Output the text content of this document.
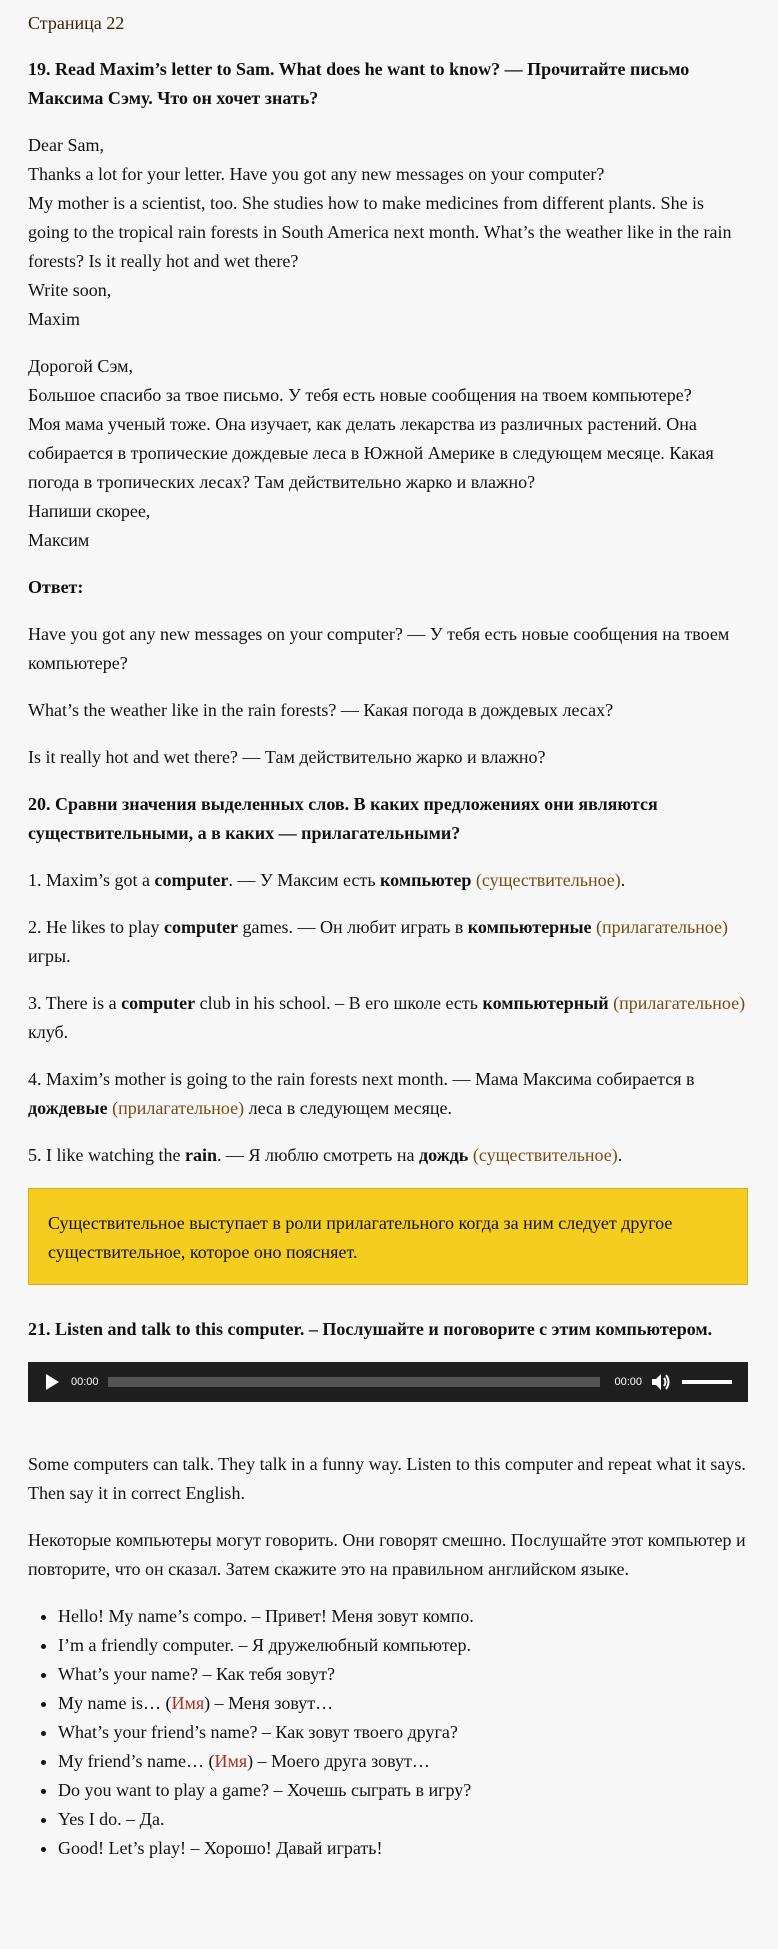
Страница 22

19. Read Maxim’s letter to Sam. What does he want to know? — Прочитайте письмо Максима Сэму. Что он хочет знать?

Dear Sam,
Thanks a lot for your letter. Have you got any new messages on your computer?
My mother is a scientist, too. She studies how to make medicines from different plants. She is going to the tropical rain forests in South America next month. What’s the weather like in the rain forests? Is it really hot and wet there?
Write soon,
Maxim

Дорогой Сэм,
Большое спасибо за твое письмо. У тебя есть новые сообщения на твоем компьютере?
Моя мама ученый тоже. Она изучает, как делать лекарства из различных растений. Она собирается в тропические дождевые леса в Южной Америке в следующем месяце. Какая погода в тропических лесах? Там действительно жарко и влажно?
Напиши скорее,
Максим

Ответ:

Have you got any new messages on your computer? — У тебя есть новые сообщения на твоем компьютере?

What’s the weather like in the rain forests? — Какая погода в дождевых лесах?

Is it really hot and wet there? — Там действительно жарко и влажно?

20. Сравни значения выделенных слов. В каких предложениях они являются существительными, а в каких — прилагательными?

1. Maxim’s got a computer. — У Максим есть компьютер (существительное).

2. He likes to play computer games. — Он любит играть в компьютерные (прилагательное) игры.

3. There is a computer club in his school. – В его школе есть компьютерный (прилагательное) клуб.

4. Maxim’s mother is going to the rain forests next month. — Мама Максима собирается в дождевые (прилагательное) леса в следующем месяце.

5. I like watching the rain. — Я люблю смотреть на дождь (существительное).

Существительное выступает в роли прилагательного когда за ним следует другое существительное, которое оно поясняет.

21. Listen and talk to this computer. – Послушайте и поговорите с этим компьютером.

00:00	00:00

Some computers can talk. They talk in a funny way. Listen to this computer and repeat what it says. Then say it in correct English.

Некоторые компьютеры могут говорить. Они говорят смешно. Послушайте этот компьютер и повторите, что он сказал. Затем скажите это на правильном английском языке.

• Hello! My name’s compo. – Привет! Меня зовут компо.
• I’m a friendly computer. – Я дружелюбный компьютер.
• What’s your name? – Как тебя зовут?
• My name is… (Имя) – Меня зовут…
• What’s your friend’s name? – Как зовут твоего друга?
• My friend’s name… (Имя) – Моего друга зовут…
• Do you want to play a game? – Хочешь сыграть в игру?
• Yes I do. – Да.
• Good! Let’s play! – Хорошо! Давай играть!
